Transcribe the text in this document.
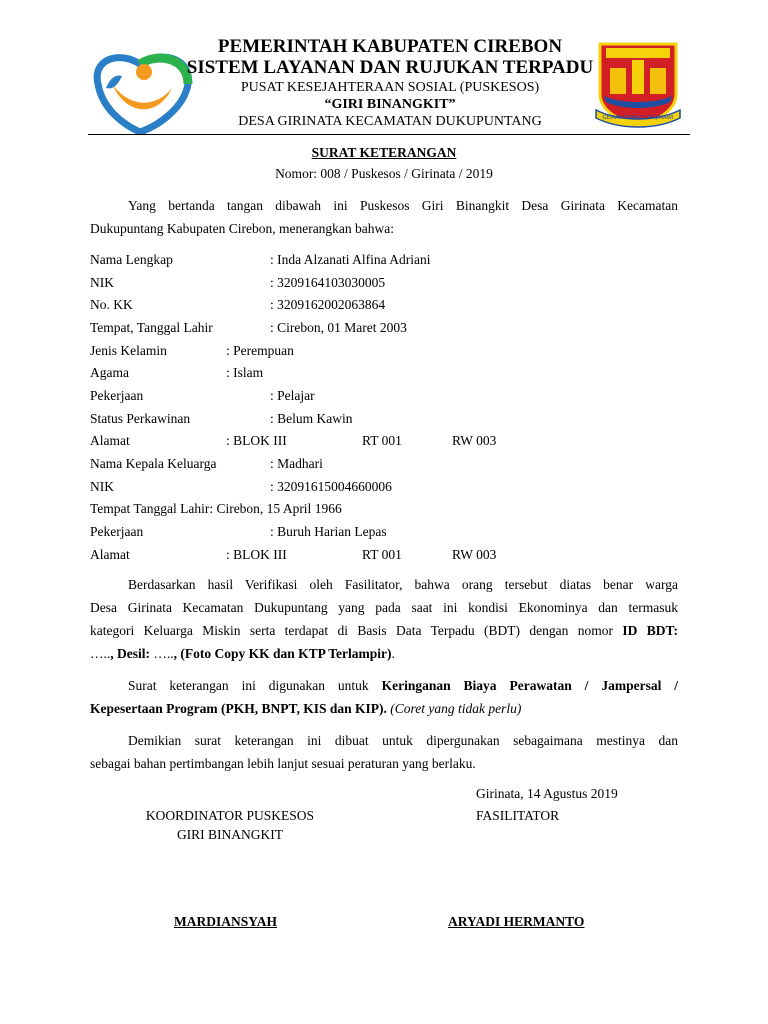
GEMAH RIPAH LOH JINAWI
PEMERINTAH KABUPATEN CIREBON
SISTEM LAYANAN DAN RUJUKAN TERPADU
PUSAT KESEJAHTERAAN SOSIAL (PUSKESOS)
“GIRI BINANGKIT”
DESA GIRINATA KECAMATAN DUKUPUNTANG
SURAT KETERANGAN
Nomor: 008 / Puskesos / Girinata / 2019
Yang bertanda tangan dibawah ini Puskesos Giri Binangkit Desa Girinata Kecamatan
Dukupuntang Kabupaten Cirebon, menerangkan bahwa:
Nama Lengkap	: Inda Alzanati Alfina Adriani
NIK	: 3209164103030005
No. KK	: 3209162002063864
Tempat, Tanggal Lahir	: Cirebon, 01 Maret 2003
Jenis Kelamin	: Perempuan
Agama	: Islam
Pekerjaan	: Pelajar
Status Perkawinan	: Belum Kawin
Alamat	: BLOK III	RT 001	RW 003
Nama Kepala Keluarga	: Madhari
NIK	: 32091615004660006
Tempat Tanggal Lahir: Cirebon, 15 April 1966
Pekerjaan	: Buruh Harian Lepas
Alamat	: BLOK III	RT 001	RW 003
Berdasarkan hasil Verifikasi oleh Fasilitator, bahwa orang tersebut diatas benar warga
Desa Girinata Kecamatan Dukupuntang yang pada saat ini kondisi Ekonominya dan termasuk
kategori Keluarga Miskin serta terdapat di Basis Data Terpadu (BDT) dengan nomor ID BDT:
….., Desil: ….., (Foto Copy KK dan KTP Terlampir).
Surat keterangan ini digunakan untuk Keringanan Biaya Perawatan / Jampersal /
Kepesertaan Program (PKH, BNPT, KIS dan KIP). (Coret yang tidak perlu)
Demikian surat keterangan ini dibuat untuk dipergunakan sebagaimana mestinya dan
sebagai bahan pertimbangan lebih lanjut sesuai peraturan yang berlaku.
Girinata, 14 Agustus 2019
KOORDINATOR PUSKESOS
GIRI BINANGKIT
FASILITATOR
MARDIANSYAH	ARYADI HERMANTO
